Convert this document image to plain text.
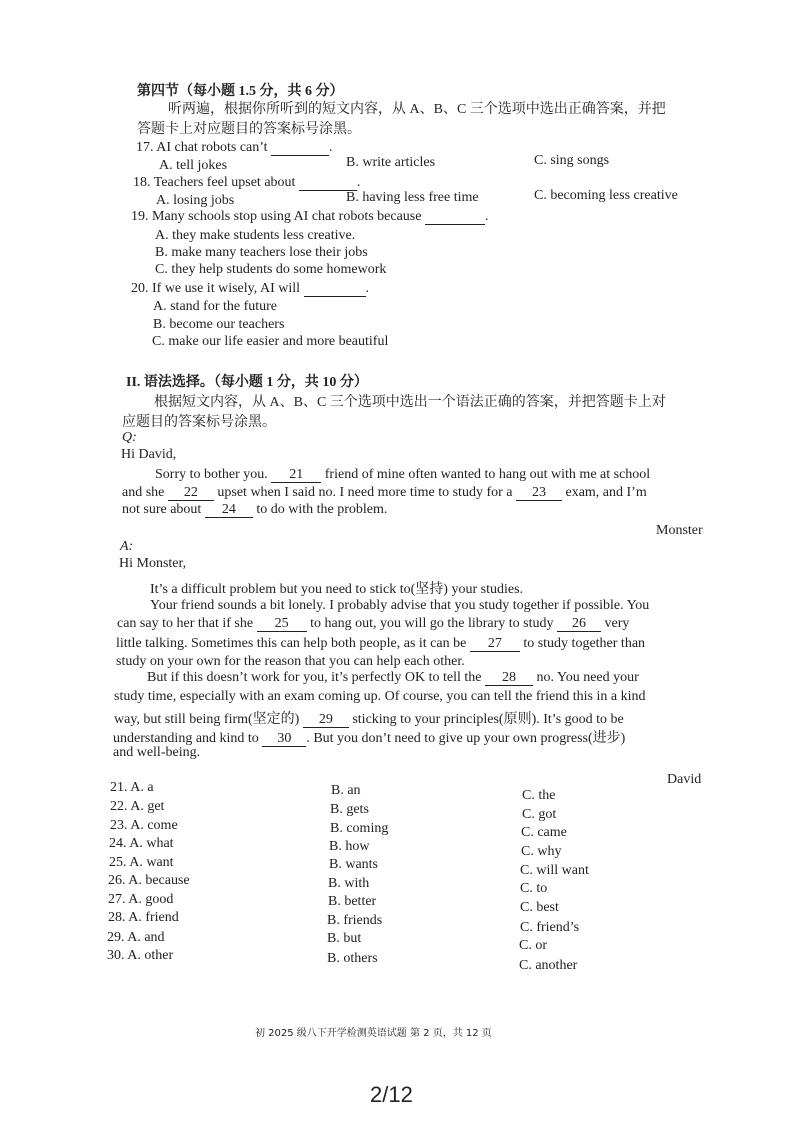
第四节（每小题 1.5 分，共 6 分）
听两遍，根据你所听到的短文内容，从 A、B、C 三个选项中选出正确答案，并把
答题卡上对应题目的答案标号涂黑。
17. AI chat robots can’t	.
A. tell jokes	B. write articles	C. sing songs
18. Teachers feel upset about	.
A. losing jobs	B. having less free time	C. becoming less creative
19. Many schools stop using AI chat robots because	.
A. they make students less creative.
B. make many teachers lose their jobs
C. they help students do some homework
20. If we use it wisely, AI will	.
A. stand for the future
B. become our teachers
C. make our life easier and more beautiful
II. 语法选择。（每小题 1 分，共 10 分）
根据短文内容，从 A、B、C 三个选项中选出一个语法正确的答案，并把答题卡上对
应题目的答案标号涂黑。
Q:
Hi David,
Sorry to bother you. 21 friend of mine often wanted to hang out with me at school
and she 22 upset when I said no. I need more time to study for a 23 exam, and I’m
not sure about 24 to do with the problem.
Monster
A:
Hi Monster,
It’s a difficult problem but you need to stick to(坚持) your studies.
Your friend sounds a bit lonely. I probably advise that you study together if possible. You
can say to her that if she 25 to hang out, you will go the library to study 26 very
little talking. Sometimes this can help both people, as it can be 27 to study together than
study on your own for the reason that you can help each other.
But if this doesn’t work for you, it’s perfectly OK to tell the 28 no. You need your
study time, especially with an exam coming up. Of course, you can tell the friend this in a kind
way, but still being firm(坚定的) 29 sticking to your principles(原则). It’s good to be
understanding and kind to 30 . But you don’t need to give up your own progress(进步)
and well-being.
David
21. A. a	B. an	C. the
22. A. get	B. gets	C. got
23. A. come	B. coming	C. came
24. A. what	B. how	C. why
25. A. want	B. wants	C. will want
26. A. because	B. with	C. to
27. A. good	B. better	C. best
28. A. friend	B. friends	C. friend’s
29. A. and	B. but	C. or
30. A. other	B. others	C. another
初 2025 级八下开学检测英语试题 第 2 页，共 12 页
2/12
